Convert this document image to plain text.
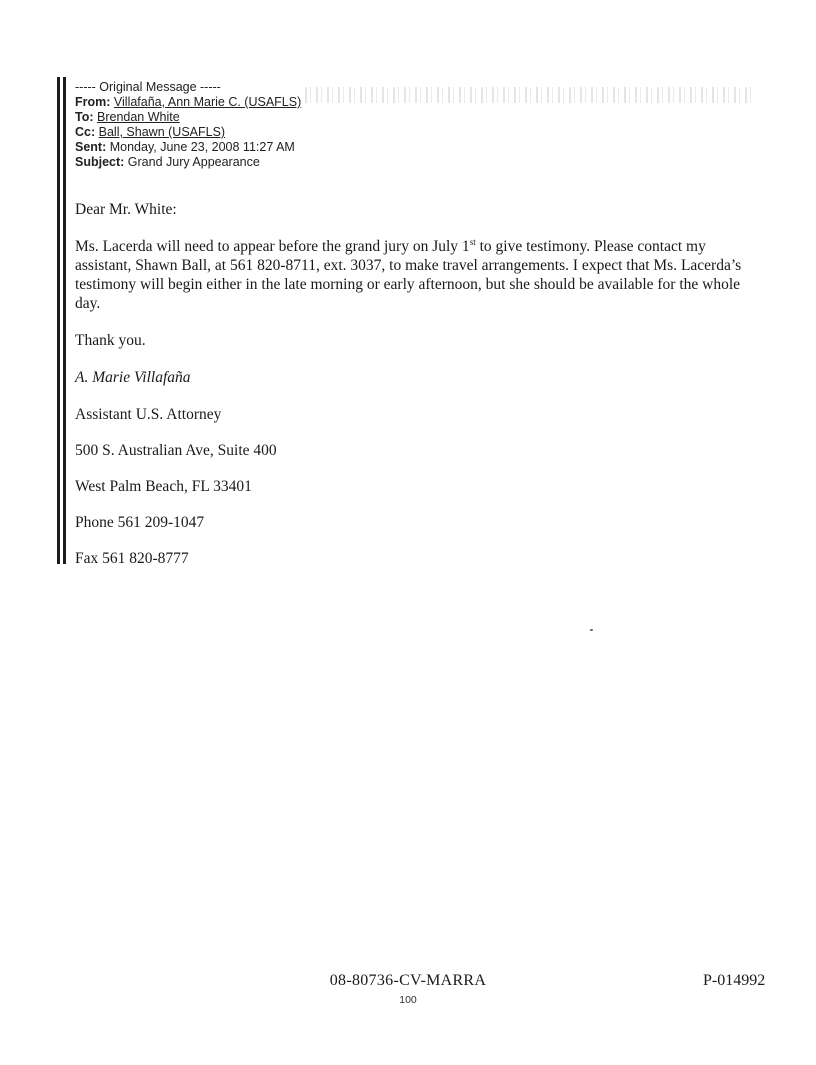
----- Original Message -----
From: Villafaña, Ann Marie C. (USAFLS)
To: Brendan White
Cc: Ball, Shawn (USAFLS)
Sent: Monday, June 23, 2008 11:27 AM
Subject: Grand Jury Appearance

Dear Mr. White:

Ms. Lacerda will need to appear before the grand jury on July 1st to give testimony. Please contact my assistant, Shawn Ball, at 561 820-8711, ext. 3037, to make travel arrangements. I expect that Ms. Lacerda’s testimony will begin either in the late morning or early afternoon, but she should be available for the whole day.

Thank you.

A. Marie Villafaña

Assistant U.S. Attorney

500 S. Australian Ave, Suite 400

West Palm Beach, FL 33401

Phone 561 209-1047

Fax 561 820-8777

08-80736-CV-MARRA
100
P-014992
